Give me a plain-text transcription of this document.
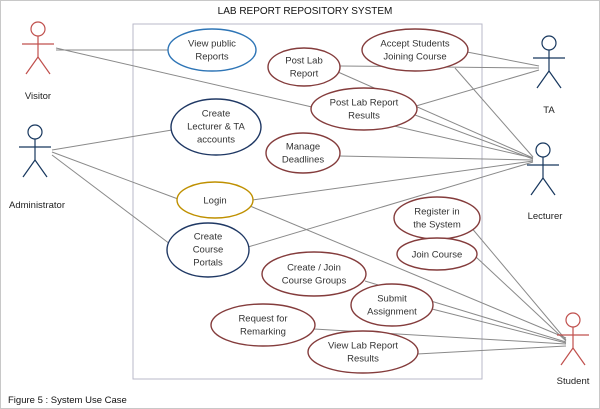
LAB REPORT REPOSITORY SYSTEM
Visitor
Administrator
TA
Lecturer
Student
View public
Reports	Post Lab
Report
Accept Students
Joining Course
Post Lab Report
Results
Create
Lecturer & TA
accounts
Manage
Deadlines
Login
Register in
the System
Create
Course
Portals
Join Course
Create / Join
Course Groups
Submit
Assignment
Request for
Remarking
View Lab Report
Results
Figure 5 : System Use Case
